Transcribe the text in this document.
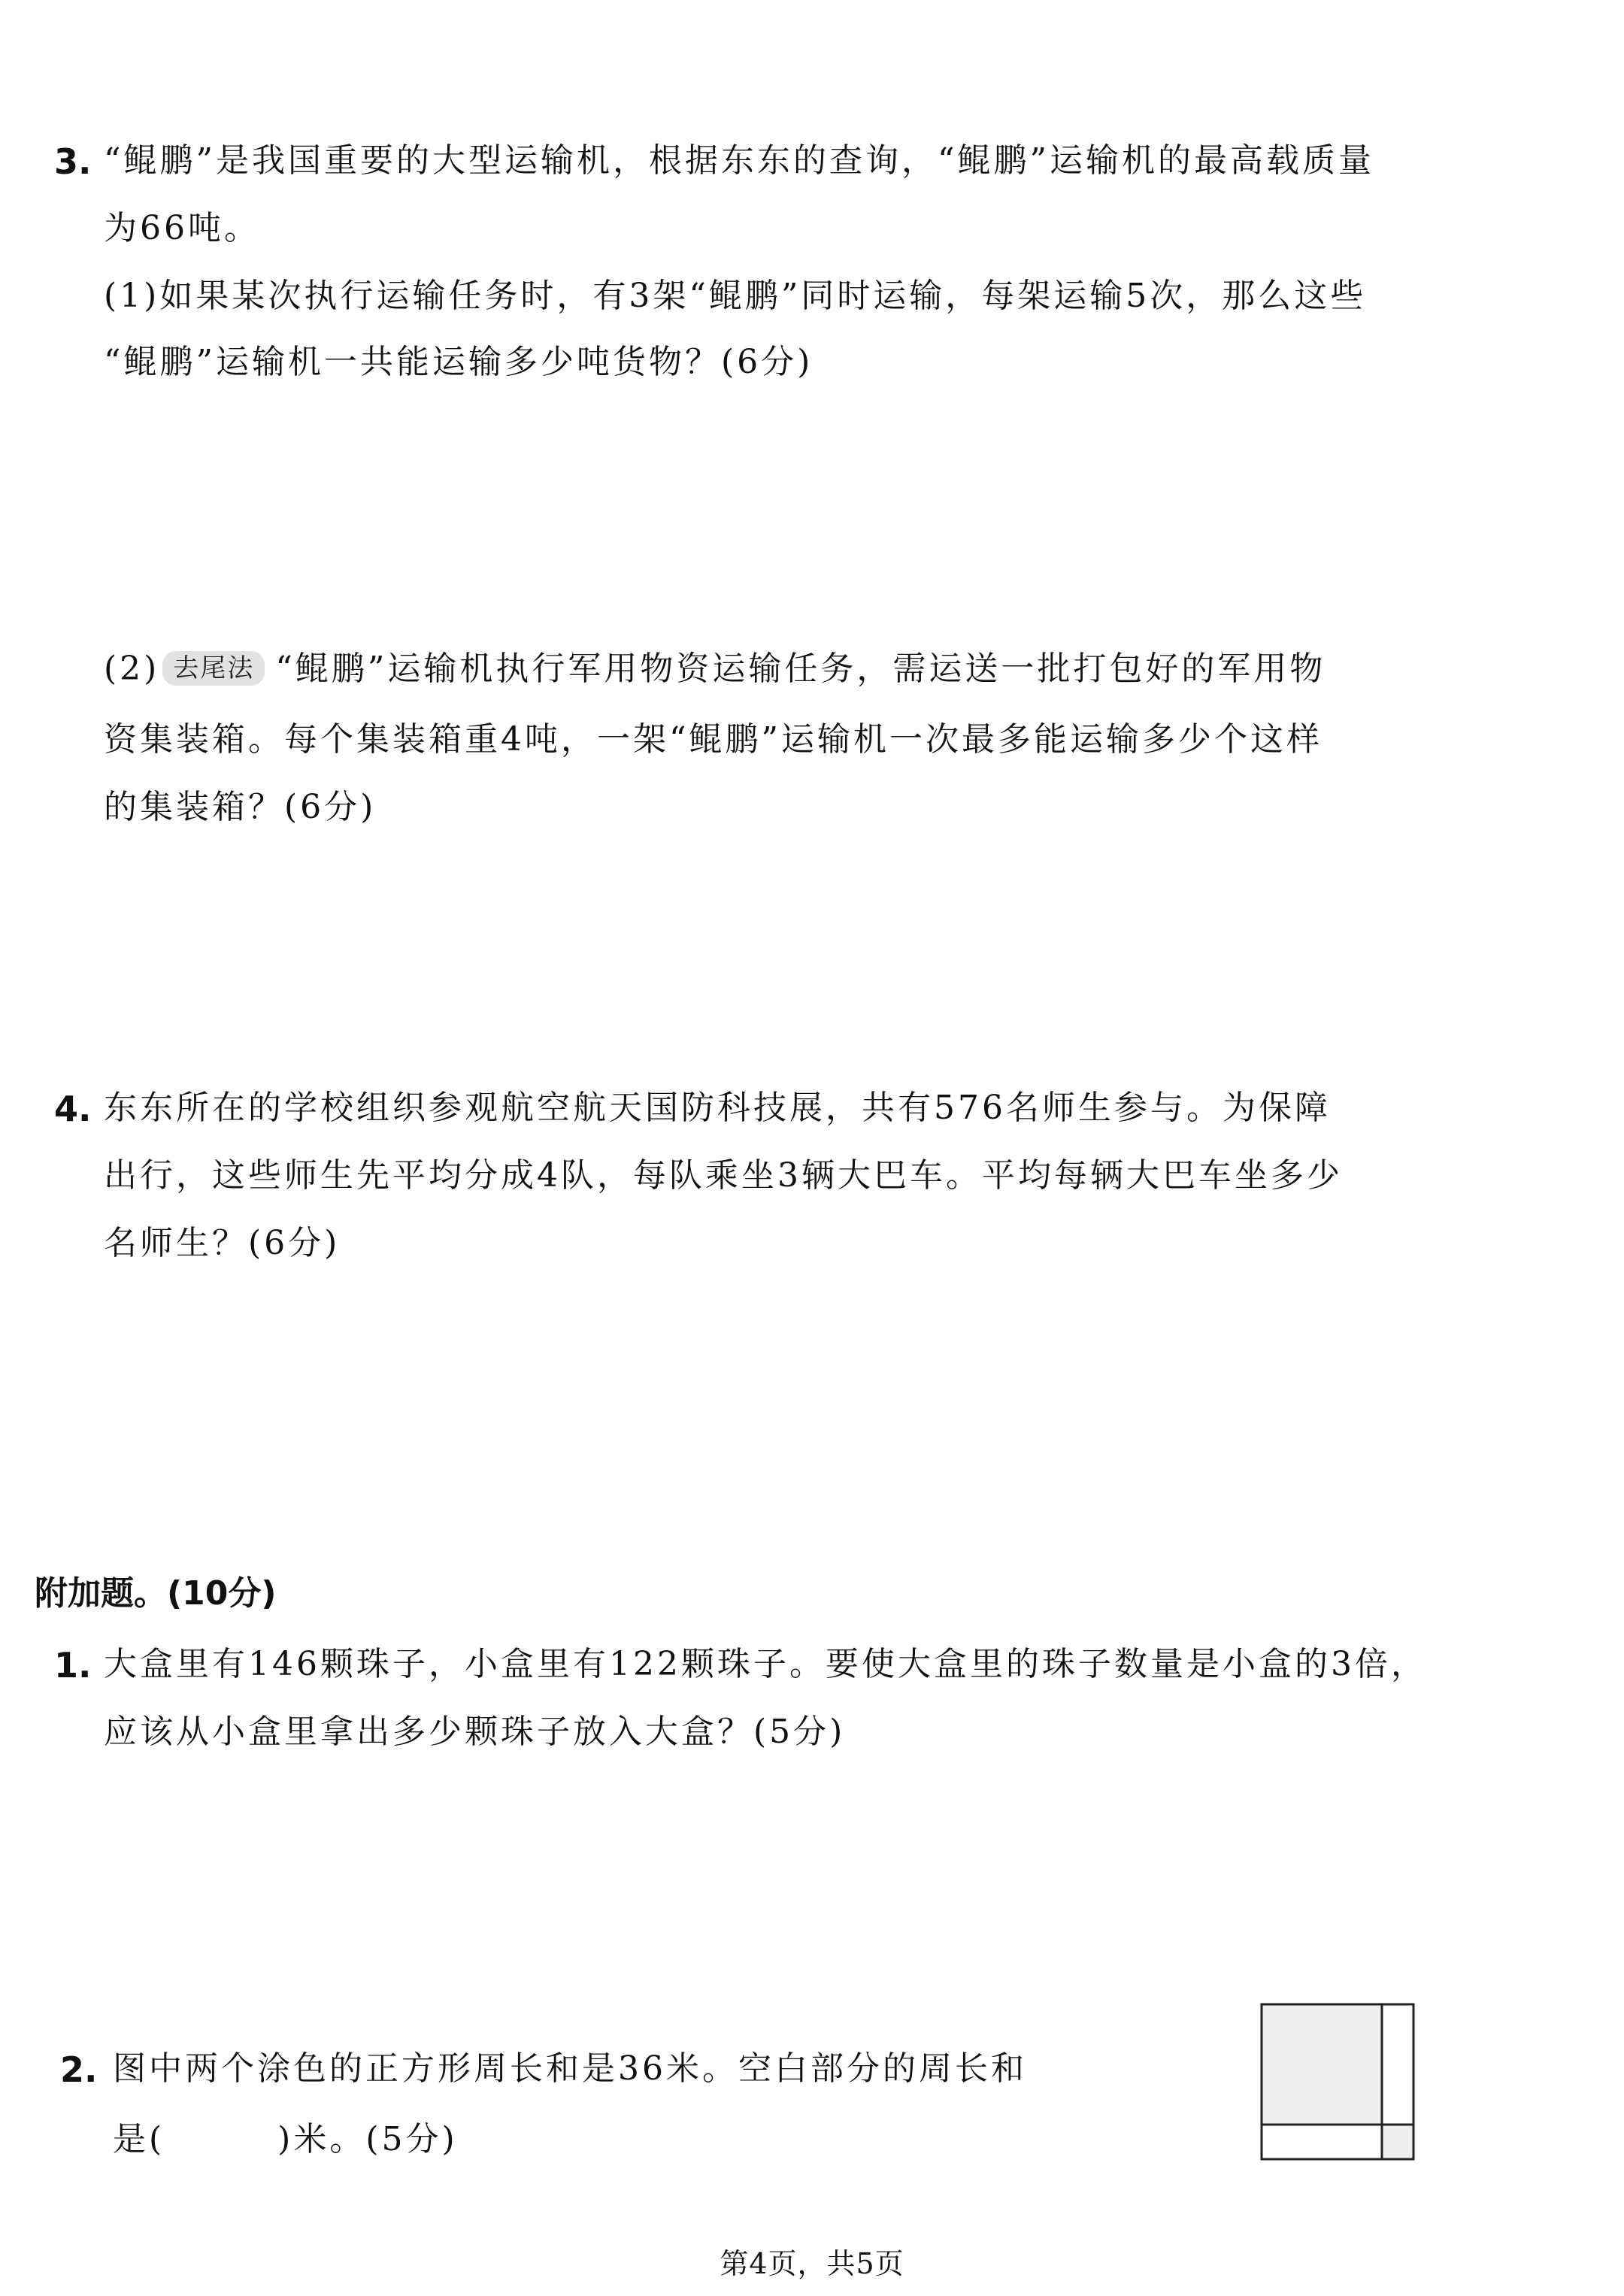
3. “鲲鹏”是我国重要的大型运输机，根据东东的查询，“鲲鹏”运输机的最高载质量
为66吨。
(1)如果某次执行运输任务时，有3架“鲲鹏”同时运输，每架运输5次，那么这些
“鲲鹏”运输机一共能运输多少吨货物？(6分)
(2) 去尾法 “鲲鹏”运输机执行军用物资运输任务，需运送一批打包好的军用物
资集装箱。每个集装箱重4吨，一架“鲲鹏”运输机一次最多能运输多少个这样
的集装箱？(6分)
4. 东东所在的学校组织参观航空航天国防科技展，共有576名师生参与。为保障
出行，这些师生先平均分成4队，每队乘坐3辆大巴车。平均每辆大巴车坐多少
名师生？(6分)
附加题。(10分)
1. 大盒里有146颗珠子，小盒里有122颗珠子。要使大盒里的珠子数量是小盒的3倍，
应该从小盒里拿出多少颗珠子放入大盒？(5分)
2. 图中两个涂色的正方形周长和是36米。空白部分的周长和
是(	)米。(5分)
第4页，共5页
